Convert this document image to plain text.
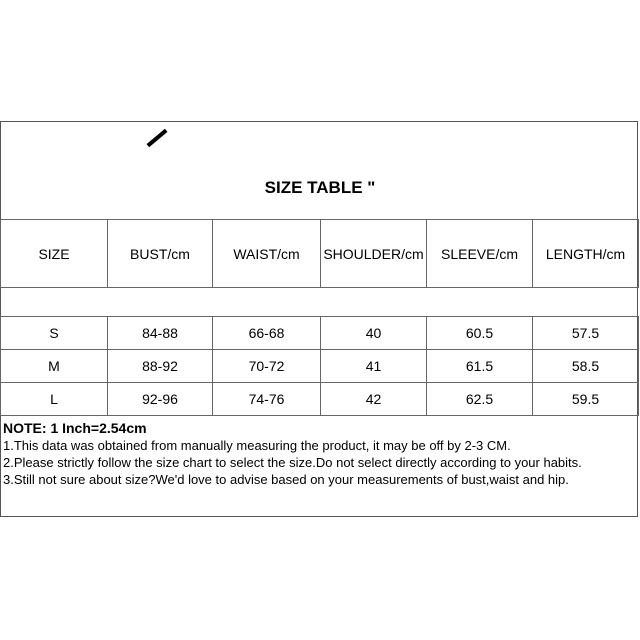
SIZE TABLE "
SIZE	BUST/cm	WAIST/cm	SHOULDER/cm	SLEEVE/cm	LENGTH/cm

S	84-88	66-68	40	60.5	57.5
M	88-92	70-72	41	61.5	58.5
L	92-96	74-76	42	62.5	59.5
NOTE: 1 Inch=2.54cm
1.This data was obtained from manually measuring the product, it may be off by 2-3 CM.
2.Please strictly follow the size chart to select the size.Do not select directly according to your habits.
3.Still not sure about size?We'd love to advise based on your measurements of bust,waist and hip.
